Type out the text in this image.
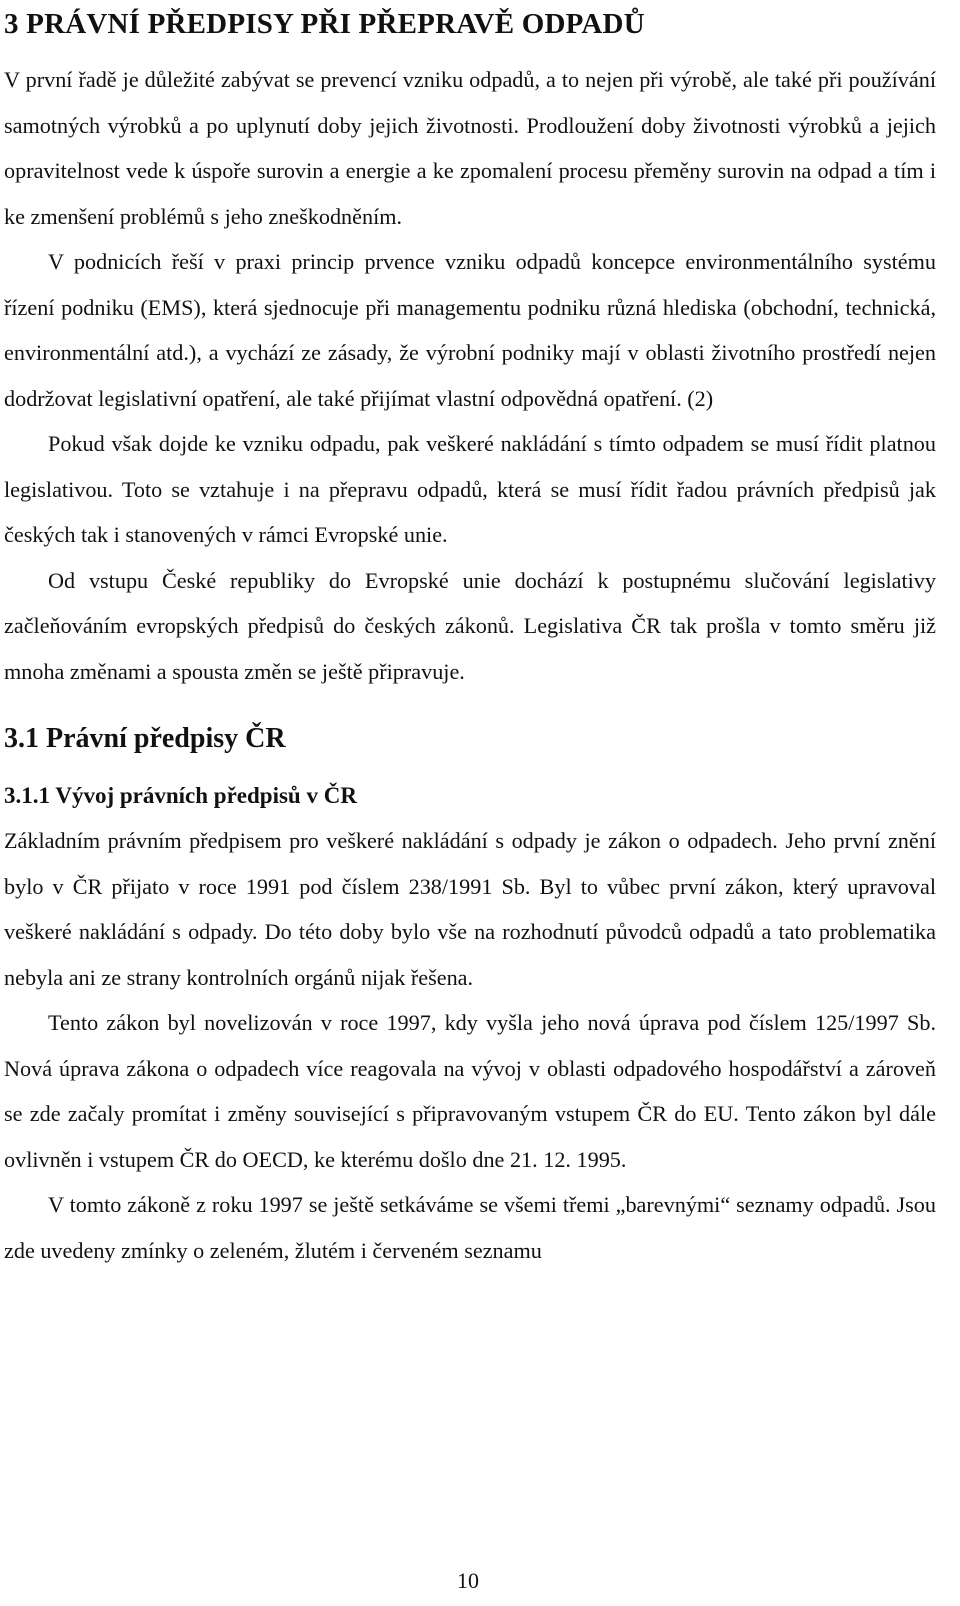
3 PRÁVNÍ PŘEDPISY PŘI PŘEPRAVĚ ODPADŮ

V první řadě je důležité zabývat se prevencí vzniku odpadů, a to nejen při výrobě, ale také při používání samotných výrobků a po uplynutí doby jejich životnosti. Prodloužení doby životnosti výrobků a jejich opravitelnost vede k úspoře surovin a energie a ke zpomalení procesu přeměny surovin na odpad a tím i ke zmenšení problémů s jeho zneškodněním.

V podnicích řeší v praxi princip prvence vzniku odpadů koncepce environmentálního systému řízení podniku (EMS), která sjednocuje při managementu podniku různá hlediska (obchodní, technická, environmentální atd.), a vychází ze zásady, že výrobní podniky mají v oblasti životního prostředí nejen dodržovat legislativní opatření, ale také přijímat vlastní odpovědná opatření. (2)

Pokud však dojde ke vzniku odpadu, pak veškeré nakládání s tímto odpadem se musí řídit platnou legislativou. Toto se vztahuje i na přepravu odpadů, která se musí řídit řadou právních předpisů jak českých tak i stanovených v rámci Evropské unie.

Od vstupu České republiky do Evropské unie dochází k postupnému slučování legislativy začleňováním evropských předpisů do českých zákonů. Legislativa ČR tak prošla v tomto směru již mnoha změnami a spousta změn se ještě připravuje.

3.1 Právní předpisy ČR
3.1.1 Vývoj právních předpisů v ČR

Základním právním předpisem pro veškeré nakládání s odpady je zákon o odpadech. Jeho první znění bylo v ČR přijato v roce 1991 pod číslem 238/1991 Sb. Byl to vůbec první zákon, který upravoval veškeré nakládání s odpady. Do této doby bylo vše na rozhodnutí původců odpadů a tato problematika nebyla ani ze strany kontrolních orgánů nijak řešena.

Tento zákon byl novelizován v roce 1997, kdy vyšla jeho nová úprava pod číslem 125/1997 Sb. Nová úprava zákona o odpadech více reagovala na vývoj v oblasti odpadového hospodářství a zároveň se zde začaly promítat i změny související s připravovaným vstupem ČR do EU. Tento zákon byl dále ovlivněn i vstupem ČR do OECD, ke kterému došlo dne 21. 12. 1995.

V tomto zákoně z roku 1997 se ještě setkáváme se všemi třemi „barevnými“ seznamy odpadů. Jsou zde uvedeny zmínky o zeleném, žlutém i červeném seznamu

10
